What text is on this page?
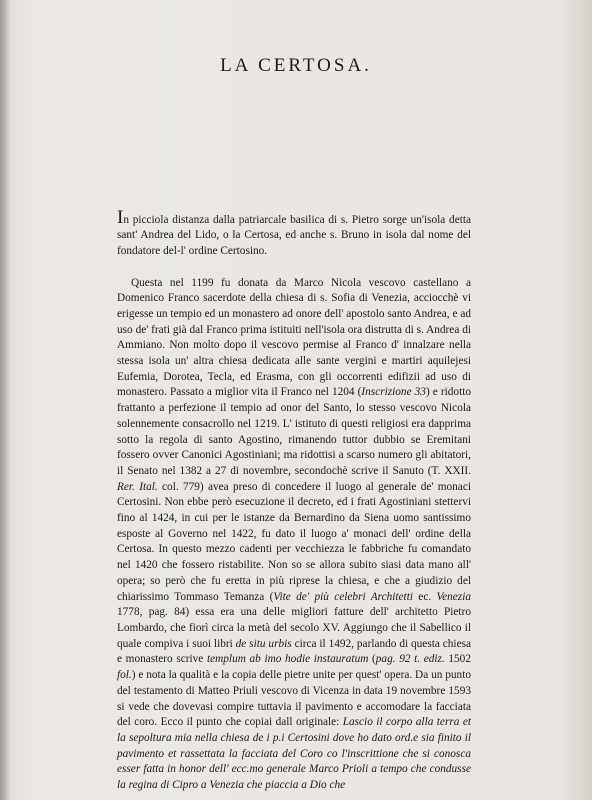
LA CERTOSA.

In picciola distanza dalla patriarcale basilica di s. Pietro sorge un'isola detta sant' Andrea del Lido, o la Certosa, ed anche s. Bruno in isola dal nome del fondatore del-l' ordine Certosino.

Questa nel 1199 fu donata da Marco Nicola vescovo castellano a Domenico Franco sacerdote della chiesa di s. Sofia di Venezia, acciocchè vi erigesse un tempio ed un monastero ad onore dell' apostolo santo Andrea, e ad uso de' frati già dal Franco prima istituiti nell'isola ora distrutta di s. Andrea di Ammiano. Non molto dopo il vescovo permise al Franco d' innalzare nella stessa isola un' altra chiesa dedicata alle sante vergini e martiri aquilejesi Eufemia, Dorotea, Tecla, ed Erasma, con gli occorrenti edifizii ad uso di monastero. Passato a miglior vita il Franco nel 1204 (Inscrizione 33) e ridotto frattanto a perfezione il tempio ad onor del Santo, lo stesso vescovo Nicola solennemente consacrollo nel 1219. L' istituto di questi religiosi era dapprima sotto la regola di santo Agostino, rimanendo tuttor dubbio se Eremitani fossero ovver Canonici Agostiniani; ma ridottisi a scarso numero gli abitatori, il Senato nel 1382 a 27 di novembre, secondochè scrive il Sanuto (T. XXII. Rer. Ital. col. 779) avea preso di concedere il luogo al generale de' monaci Certosini. Non ebbe però esecuzione il decreto, ed i frati Agostiniani stettervi fino al 1424, in cui per le istanze da Bernardino da Siena uomo santissimo esposte al Governo nel 1422, fu dato il luogo a' monaci dell' ordine della Certosa. In questo mezzo cadenti per vecchiezza le fabbriche fu comandato nel 1420 che fossero ristabilite. Non so se allora subito siasi data mano all' opera; so però che fu eretta in più riprese la chiesa, e che a giudizio del chiarissimo Tommaso Temanza (Vite de' più celebri Architetti ec. Venezia 1778, pag. 84) essa era una delle migliori fatture dell' architetto Pietro Lombardo, che fiorì circa la metà del secolo XV. Aggiungo che il Sabellico il quale compiva i suoi libri de situ urbis circa il 1492, parlando di questa chiesa e monastero scrive templum ab imo hodie instauratum (pag. 92 t. ediz. 1502 fol.) e nota la qualità e la copia delle pietre unite per quest' opera. Da un punto del testamento di Matteo Priuli vescovo di Vicenza in data 19 novembre 1593 si vede che dovevasi compire tuttavia il pavimento e accomodare la facciata del coro. Ecco il punto che copiai dall originale: Lascio il corpo alla terra et la sepoltura mia nella chiesa de i p.i Certosini dove ho dato ord.e sia finito il pavimento et rassettata la facciata del Coro co l'inscrittione che si conosca esser fatta in honor dell' ecc.mo generale Marco Prioli a tempo che condusse la regina di Cipro a Venezia che piaccia a Dio che
